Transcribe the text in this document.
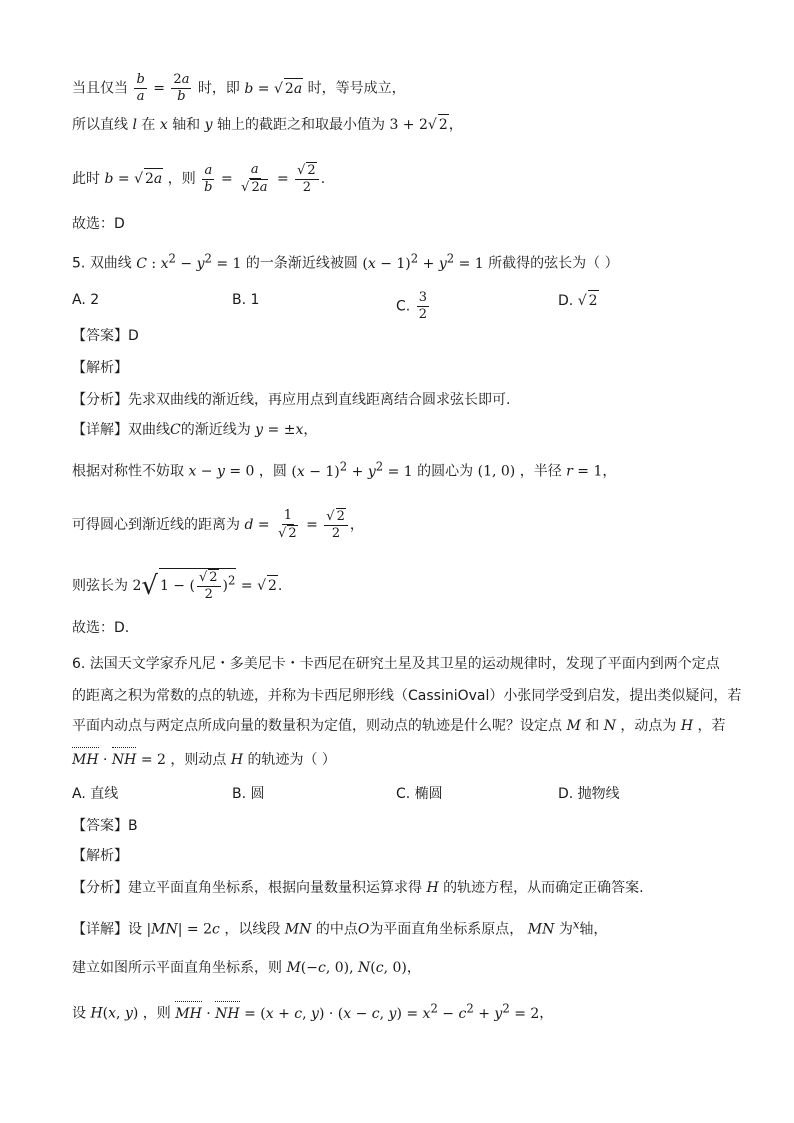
当且仅当 $\frac{b}{a} = \frac{2a}{b}$ 时，即 b = √ 2a 时，等号成立，
所以直线 l 在 x 轴和 y 轴上的截距之和取最小值为 3 + 2√ 2，
此时 b = √ 2a ，则 $\frac{a}{b} = \frac{a}{√ 2a} = \frac{√ 2}{2}$ .
故选：D
5. 双曲线 C : $x^2 - y^2 = 1$ 的一条渐近线被圆 $(x - 1)^2 + y^2 = 1$ 所截得的弦长为（ ）
A. 2	B. 1	C. $\frac{3}{2}$	D. √ 2
【答案】D
【解析】
【分析】先求双曲线的渐近线，再应用点到直线距离结合圆求弦长即可.
【详解】双曲线C的渐近线为 y = ±x，
根据对称性不妨取 x − y = 0 ，圆 $(x - 1)^2 + y^2 = 1$ 的圆心为 (1, 0) ，半径 r = 1，
可得圆心到渐近线的距离为 $d = \frac{1}{√ 2} = \frac{√ 2}{2}$ ，
则弦长为 2√ 1 − ( $\frac{√ 2}{2} )^2$ = √ 2.
故选：D.
6. 法国天文学家乔凡尼・多美尼卡・卡西尼在研究土星及其卫星的运动规律时，发现了平面内到两个定点
的距离之积为常数的点的轨迹，并称为卡西尼卵形线（CassiniOval）小张同学受到启发，提出类似疑问，若
平面内动点与两定点所成向量的数量积为定值，则动点的轨迹是什么呢？设定点 M 和 N ，动点为 H ，若
MH · NH = 2 ，则动点 H 的轨迹为（ ）
A. 直线	B. 圆	C. 椭圆	D. 抛物线
【答案】B
【解析】
【分析】建立平面直角坐标系，根据向量数量积运算求得 H 的轨迹方程，从而确定正确答案.
【详解】设 |MN| = 2c ，以线段 MN 的中点O为平面直角坐标系原点， MN 为$^x$轴，
建立如图所示平面直角坐标系，则 M(−c, 0), N(c, 0)，
设 H(x, y) ，则 MH · NH = (x + c, y) · (x − c, $y) = x^2 - c^2 + y^2 = 2$，
